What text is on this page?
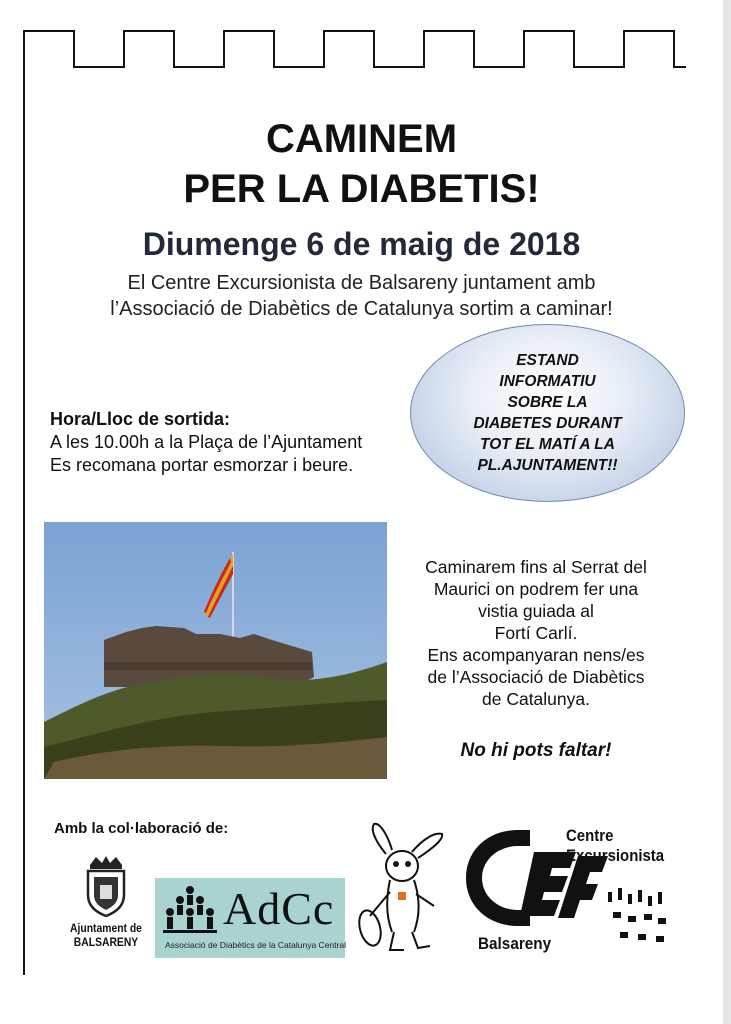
CAMINEM
PER LA DIABETIS!
Diumenge 6 de maig de 2018
El Centre Excursionista de Balsareny juntament amb
l’Associació de Diabètics de Catalunya sortim a caminar!
Hora/Lloc de sortida:
A les 10.00h a la Plaça de l’Ajuntament
Es recomana portar esmorzar i beure.
ESTAND
INFORMATIU
SOBRE LA
DIABETES DURANT
TOT EL MATÍ A LA
PL.AJUNTAMENT!!
Caminarem fins al Serrat del
Maurici on podrem fer una
vistia guiada al
Fortí Carlí.
Ens acompanyaran nens/es
de l’Associació de Diabètics
de Catalunya.
No hi pots faltar!
Amb la col·laboració de:
Ajuntament de
BALSARENY
AdCc
Associació de Diabètics de la Catalunya Central
Centre
Excursionista
Balsareny
